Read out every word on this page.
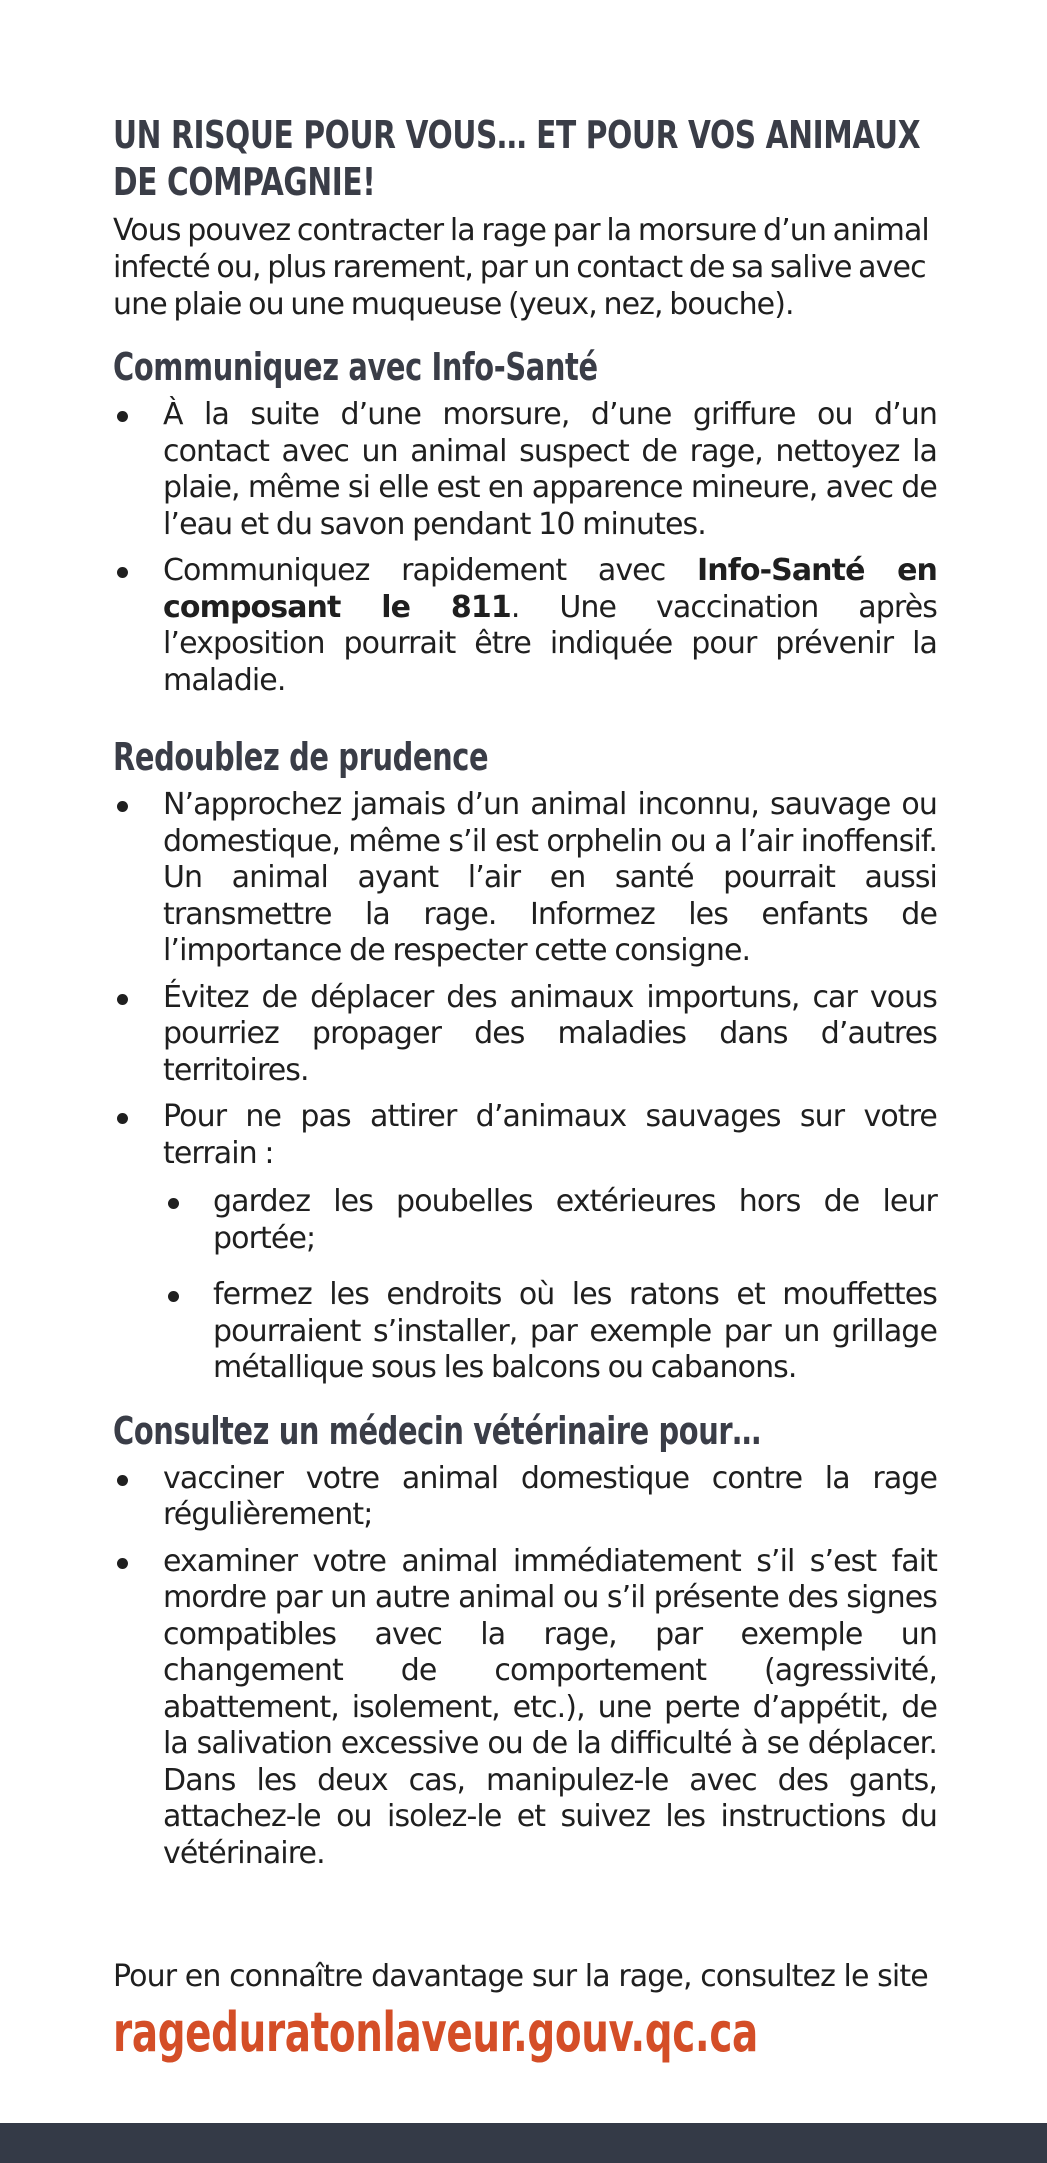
UN RISQUE POUR VOUS… ET POUR VOS ANIMAUX DE COMPAGNIE!

Vous pouvez contracter la rage par la morsure d’un animal infecté ou, plus rarement, par un contact de sa salive avec une plaie ou une muqueuse (yeux, nez, bouche).

Communiquez avec Info-Santé
À la suite d’une morsure, d’une griffure ou d’un contact avec un animal suspect de rage, nettoyez la plaie, même si elle est en apparence mineure, avec de l’eau et du savon pendant 10 minutes.
Communiquez rapidement avec Info-Santé en composant le 811. Une vaccination après l’exposition pourrait être indiquée pour prévenir la maladie.
Redoublez de prudence
N’approchez jamais d’un animal inconnu, sauvage ou domestique, même s’il est orphelin ou a l’air inoffensif. Un animal ayant l’air en santé pourrait aussi transmettre la rage. Informez les enfants de l’importance de respecter cette consigne.
Évitez de déplacer des animaux importuns, car vous pourriez propager des maladies dans d’autres territoires.
Pour ne pas attirer d’animaux sauvages sur votre terrain :
gardez les poubelles extérieures hors de leur portée;
fermez les endroits où les ratons et mouffettes pourraient s’installer, par exemple par un grillage métallique sous les balcons ou cabanons.
Consultez un médecin vétérinaire pour…
vacciner votre animal domestique contre la rage régulièrement;
examiner votre animal immédiatement s’il s’est fait mordre par un autre animal ou s’il présente des signes compatibles avec la rage, par exemple un changement de comportement (agressivité, abattement, isolement, etc.), une perte d’appétit, de la salivation excessive ou de la difficulté à se déplacer. Dans les deux cas, manipulez-le avec des gants, attachez-le ou isolez-le et suivez les instructions du vétérinaire.

Pour en connaître davantage sur la rage, consultez le site

rageduratonlaveur.gouv.qc.ca
